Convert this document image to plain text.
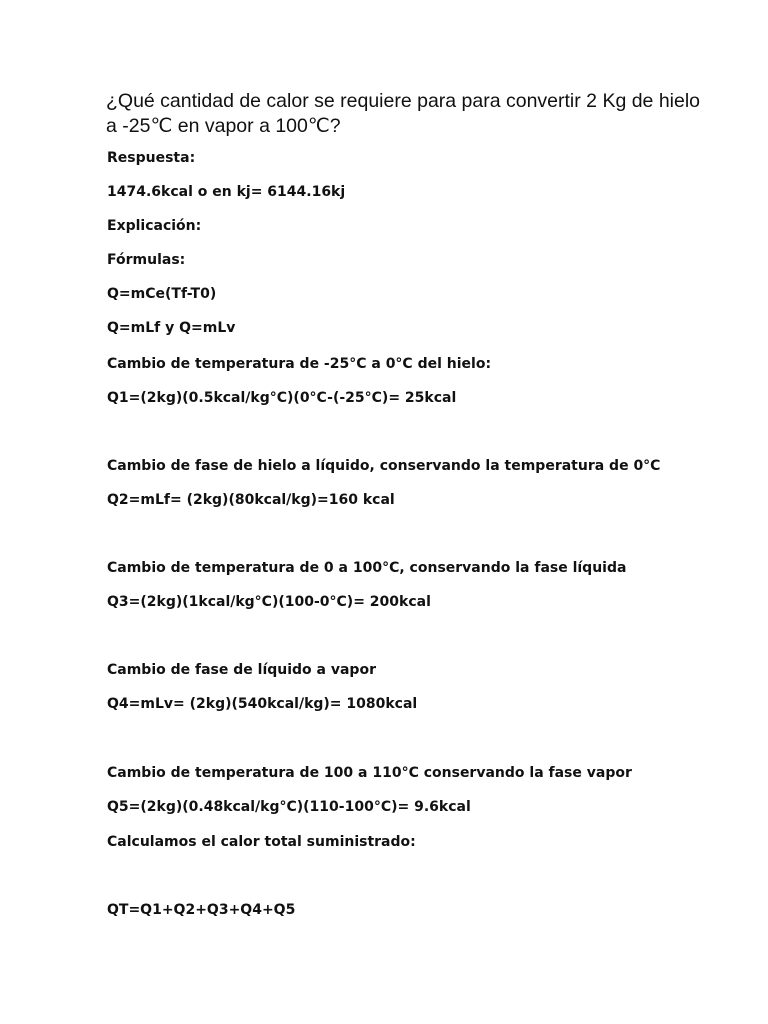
¿Qué cantidad de calor se requiere para para convertir 2 Kg de hielo a -25℃ en vapor a 100℃?

Respuesta:

1474.6kcal o en kj= 6144.16kj

Explicación:

Fórmulas:

Q=mCe(Tf-T0)

Q=mLf y Q=mLv

Cambio de temperatura de -25°C a 0°C del hielo:

Q1=(2kg)(0.5kcal/kg°C)(0°C-(-25°C)= 25kcal

Cambio de fase de hielo a líquido, conservando la temperatura de 0°C

Q2=mLf= (2kg)(80kcal/kg)=160 kcal

Cambio de temperatura de 0 a 100°C, conservando la fase líquida

Q3=(2kg)(1kcal/kg°C)(100-0°C)= 200kcal

Cambio de fase de líquido a vapor

Q4=mLv= (2kg)(540kcal/kg)= 1080kcal

Cambio de temperatura de 100 a 110°C conservando la fase vapor

Q5=(2kg)(0.48kcal/kg°C)(110-100°C)= 9.6kcal

Calculamos el calor total suministrado:

QT=Q1+Q2+Q3+Q4+Q5
